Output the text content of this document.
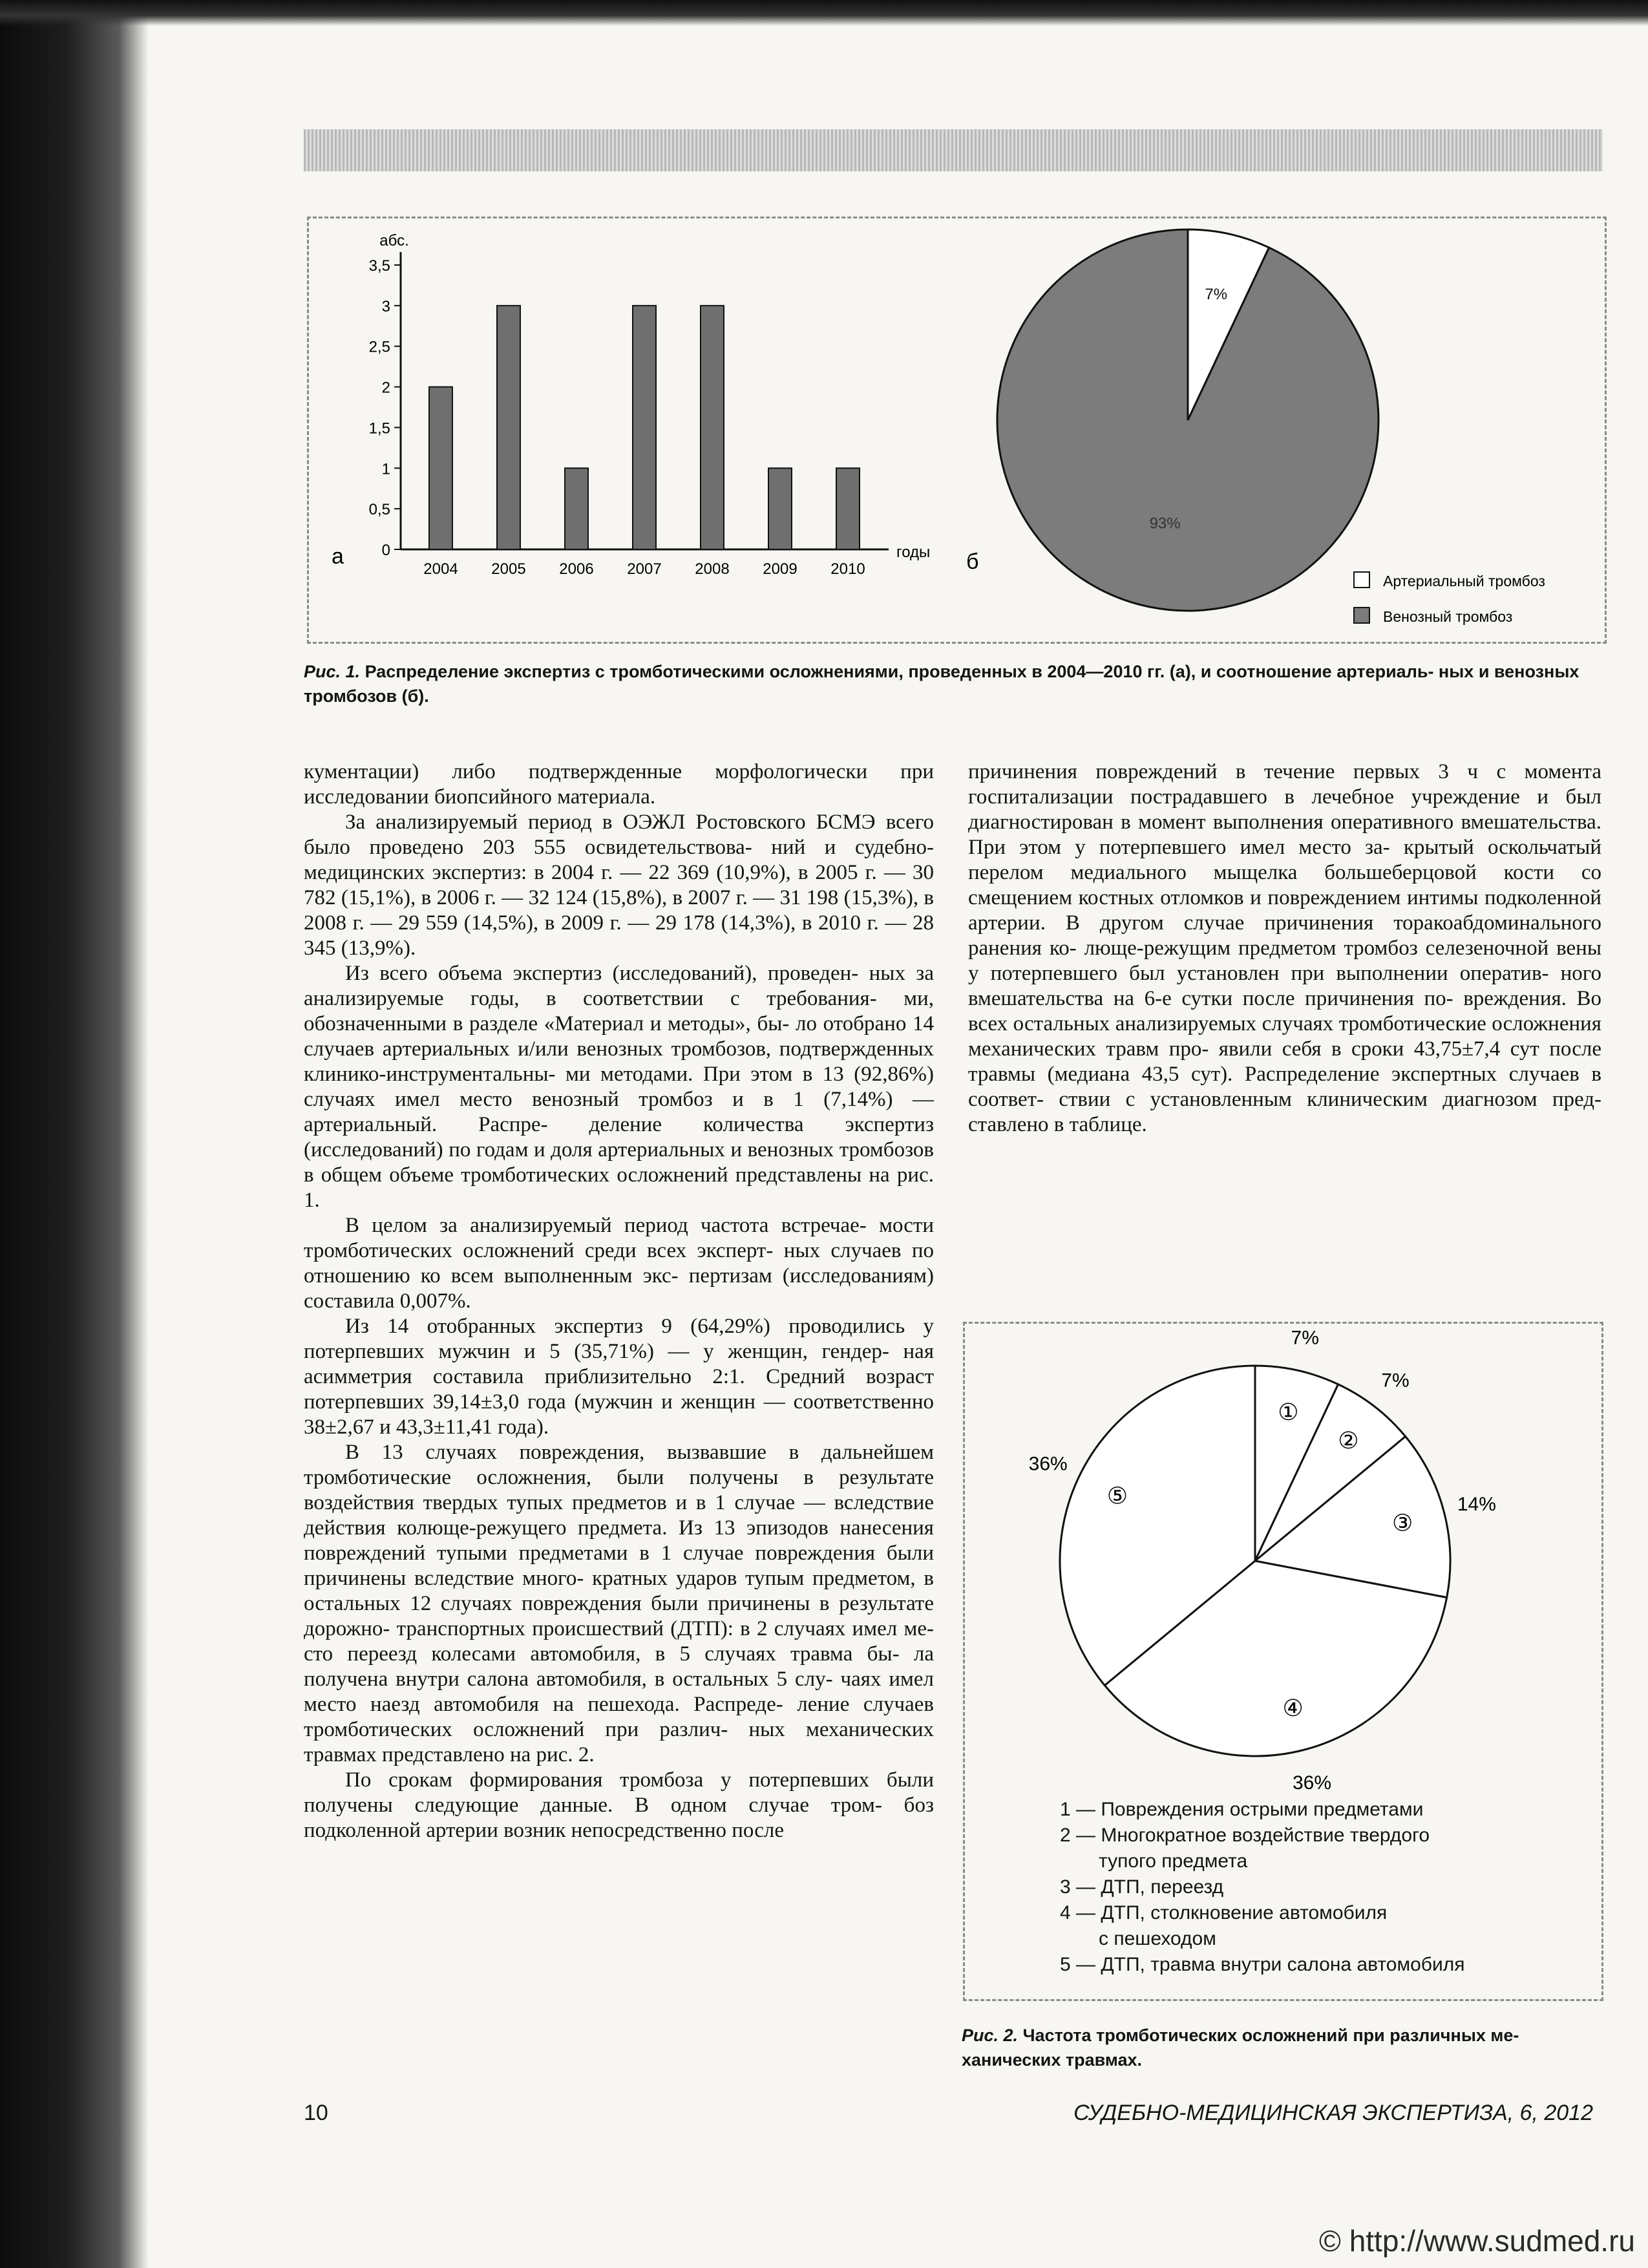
0
0,5
1
1,5
2
2,5
3
3,5
абс.
2004 2005 2006 2007 2008 2009 2010
годы
а
7%
93%
б
Артериальный тромбоз
Венозный тромбоз
Рис. 1. Распределение экспертиз с тромботическими осложнениями, проведенных в 2004—2010 гг. (а), и соотношение артериаль- ных и венозных тромбозов (б).

кументации) либо подтвержденные морфологически при исследовании биопсийного материала.

За анализируемый период в ОЭЖЛ Ростовского БСМЭ всего было проведено 203 555 освидетельствова- ний и судебно-медицинских экспертиз: в 2004 г. — 22 369 (10,9%), в 2005 г. — 30 782 (15,1%), в 2006 г. — 32 124 (15,8%), в 2007 г. — 31 198 (15,3%), в 2008 г. — 29 559 (14,5%), в 2009 г. — 29 178 (14,3%), в 2010 г. — 28 345 (13,9%).

Из всего объема экспертиз (исследований), проведен- ных за анализируемые годы, в соответствии с требования- ми, обозначенными в разделе «Материал и методы», бы- ло отобрано 14 случаев артериальных и/или венозных тромбозов, подтвержденных клинико-инструментальны- ми методами. При этом в 13 (92,86%) случаях имел место венозный тромбоз и в 1 (7,14%) — артериальный. Распре- деление количества экспертиз (исследований) по годам и доля артериальных и венозных тромбозов в общем объеме тромботических осложнений представлены на рис. 1.

В целом за анализируемый период частота встречае- мости тромботических осложнений среди всех эксперт- ных случаев по отношению ко всем выполненным экс- пертизам (исследованиям) составила 0,007%.

Из 14 отобранных экспертиз 9 (64,29%) проводились у потерпевших мужчин и 5 (35,71%) — у женщин, гендер- ная асимметрия составила приблизительно 2:1. Средний возраст потерпевших 39,14±3,0 года (мужчин и женщин — соответственно 38±2,67 и 43,3±11,41 года).

В 13 случаях повреждения, вызвавшие в дальнейшем тромботические осложнения, были получены в результате воздействия твердых тупых предметов и в 1 случае — вследствие действия колюще-режущего предмета. Из 13 эпизодов нанесения повреждений тупыми предметами в 1 случае повреждения были причинены вследствие много- кратных ударов тупым предметом, в остальных 12 случаях повреждения были причинены в результате дорожно- транспортных происшествий (ДТП): в 2 случаях имел ме- сто переезд колесами автомобиля, в 5 случаях травма бы- ла получена внутри салона автомобиля, в остальных 5 слу- чаях имел место наезд автомобиля на пешехода. Распреде- ление случаев тромботических осложнений при различ- ных механических травмах представлено на рис. 2.

По срокам формирования тромбоза у потерпевших были получены следующие данные. В одном случае тром- боз подколенной артерии возник непосредственно после

причинения повреждений в течение первых 3 ч с момента госпитализации пострадавшего в лечебное учреждение и был диагностирован в момент выполнения оперативного вмешательства. При этом у потерпевшего имел место за- крытый оскольчатый перелом медиального мыщелка большеберцовой кости со смещением костных отломков и повреждением интимы подколенной артерии. В другом случае причинения торакоабдоминального ранения ко- люще-режущим предметом тромбоз селезеночной вены у потерпевшего был установлен при выполнении оператив- ного вмешательства на 6-е сутки после причинения по- вреждения. Во всех остальных анализируемых случаях тромботические осложнения механических травм про- явили себя в сроки 43,75±7,4 сут после травмы (медиана 43,5 сут). Распределение экспертных случаев в соответ- ствии с установленным клиническим диагнозом пред- ставлено в таблице.

①
7%
②
7%
③
14%
④
36%
⑤
36%
1 — Повреждения острыми предметами
2 — Многократное воздействие твердого
тупого предмета
3 — ДТП, переезд
4 — ДТП, столкновение автомобиля
с пешеходом
5 — ДТП, травма внутри салона автомобиля
Рис. 2. Частота тромботических осложнений при различных ме- ханических травмах.
10	СУДЕБНО-МЕДИЦИНСКАЯ ЭКСПЕРТИЗА, 6, 2012
© http://www.sudmed.ru
